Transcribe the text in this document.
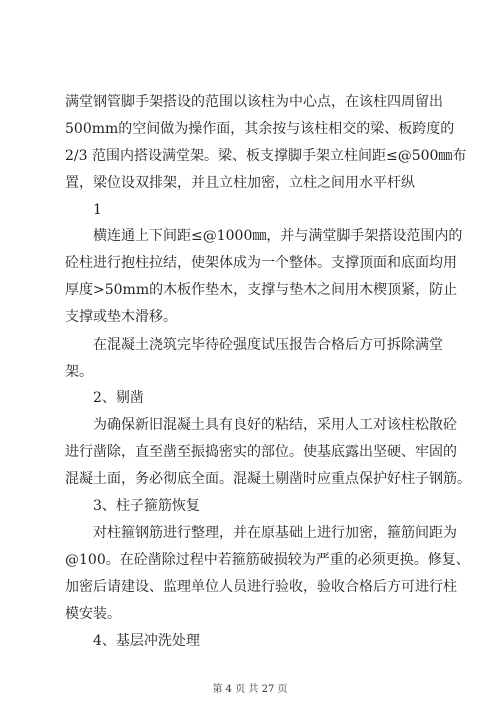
满堂钢管脚手架搭设的范围以该柱为中心点，在该柱四周留出

500mm的空间做为操作面，其余按与该柱相交的梁、板跨度的

2/3 范围内搭设满堂架。梁、板支撑脚手架立柱间距≤@500㎜布

置，梁位设双排架，并且立柱加密，立柱之间用水平杆纵

1

横连通上下间距≤@1000㎜，并与满堂脚手架搭设范围内的

砼柱进行抱柱拉结，使架体成为一个整体。支撑顶面和底面均用

厚度>50mm的木板作垫木，支撑与垫木之间用木楔顶紧，防止

支撑或垫木滑移。

在混凝土浇筑完毕待砼强度试压报告合格后方可拆除满堂

架。

2、剔凿

为确保新旧混凝土具有良好的粘结，采用人工对该柱松散砼

进行凿除，直至凿至振捣密实的部位。使基底露出坚硬、牢固的

混凝土面，务必彻底全面。混凝土剔凿时应重点保护好柱子钢筋。

3、柱子箍筋恢复

对柱箍钢筋进行整理，并在原基础上进行加密，箍筋间距为

@100。在砼凿除过程中若箍筋破损较为严重的必须更换。修复、

加密后请建设、监理单位人员进行验收，验收合格后方可进行柱

模安装。

4、基层冲洗处理

第 4 页 共 27 页
